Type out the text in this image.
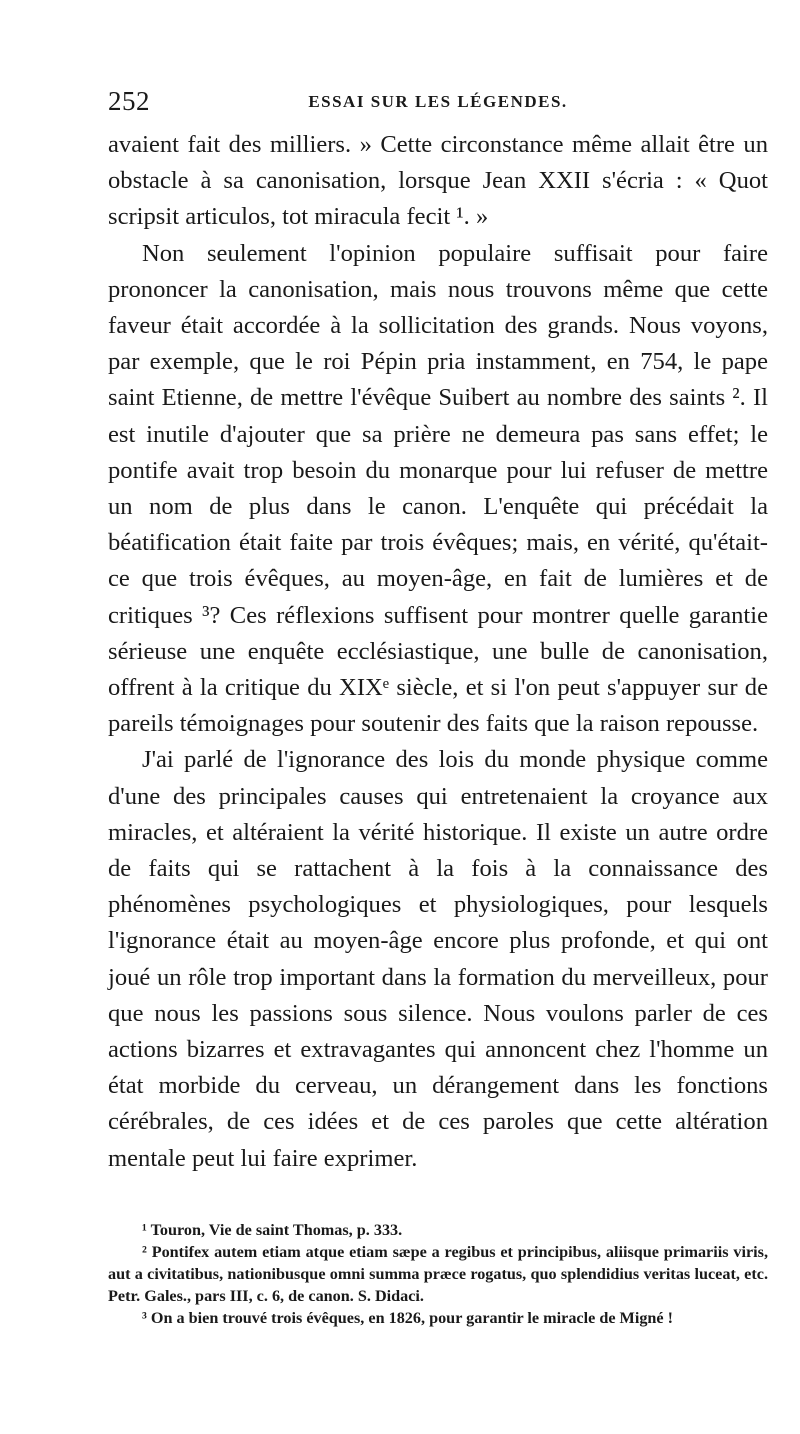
252	ESSAI SUR LES LÉGENDES.

avaient fait des milliers. » Cette circonstance même allait être un obstacle à sa canonisation, lorsque Jean XXII s'écria : « Quot scripsit articulos, tot miracula fecit ¹. »

Non seulement l'opinion populaire suffisait pour faire prononcer la canonisation, mais nous trouvons même que cette faveur était accordée à la sollicitation des grands. Nous voyons, par exemple, que le roi Pépin pria instamment, en 754, le pape saint Etienne, de mettre l'évêque Suibert au nombre des saints ². Il est inutile d'ajouter que sa prière ne demeura pas sans effet; le pontife avait trop besoin du monarque pour lui refuser de mettre un nom de plus dans le canon. L'enquête qui précédait la béatification était faite par trois évêques; mais, en vérité, qu'était-ce que trois évêques, au moyen-âge, en fait de lumières et de critiques ³? Ces réflexions suffisent pour montrer quelle garantie sérieuse une enquête ecclésiastique, une bulle de canonisation, offrent à la critique du XIXᵉ siècle, et si l'on peut s'appuyer sur de pareils témoignages pour soutenir des faits que la raison repousse.

J'ai parlé de l'ignorance des lois du monde physique comme d'une des principales causes qui entretenaient la croyance aux miracles, et altéraient la vérité historique. Il existe un autre ordre de faits qui se rattachent à la fois à la connaissance des phénomènes psychologiques et physiologiques, pour lesquels l'ignorance était au moyen-âge encore plus profonde, et qui ont joué un rôle trop important dans la formation du merveilleux, pour que nous les passions sous silence. Nous voulons parler de ces actions bizarres et extravagantes qui annoncent chez l'homme un état morbide du cerveau, un dérangement dans les fonctions cérébrales, de ces idées et de ces paroles que cette altération mentale peut lui faire exprimer.

¹ Touron, Vie de saint Thomas, p. 333.

² Pontifex autem etiam atque etiam sæpe a regibus et principibus, aliisque primariis viris, aut a civitatibus, nationibusque omni summa præce rogatus, quo splendidius veritas luceat, etc. Petr. Gales., pars III, c. 6, de canon. S. Didaci.

³ On a bien trouvé trois évêques, en 1826, pour garantir le miracle de Migné !
